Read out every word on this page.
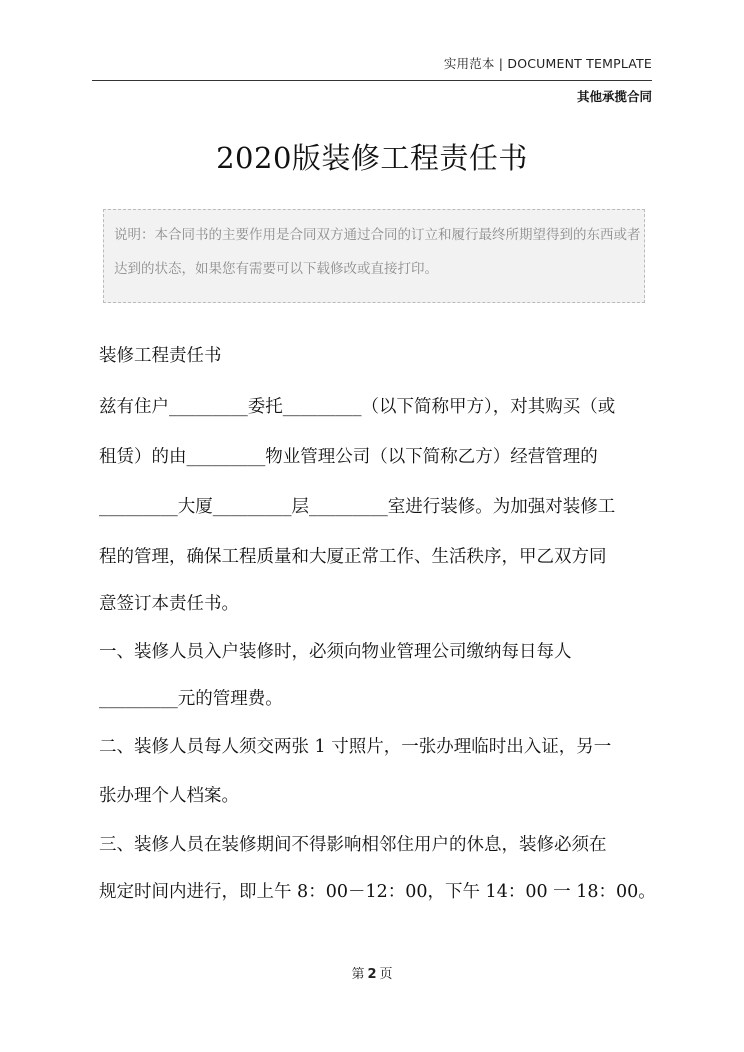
实用范本 | DOCUMENT TEMPLATE
其他承揽合同
2020版装修工程责任书
说明：本合同书的主要作用是合同双方通过合同的订立和履行最终所期望得到的东西或者达到的状态，如果您有需要可以下载修改或直接打印。
装修工程责任书
兹有住户_________委托_________（以下简称甲方），对其购买（或
租赁）的由_________物业管理公司（以下简称乙方）经营管理的
_________大厦_________层_________室进行装修。为加强对装修工
程的管理，确保工程质量和大厦正常工作、生活秩序，甲乙双方同
意签订本责任书。
一、装修人员入户装修时，必须向物业管理公司缴纳每日每人
_________元的管理费。
二、装修人员每人须交两张 1 寸照片，一张办理临时出入证，另一
张办理个人档案。
三、装修人员在装修期间不得影响相邻住用户的休息，装修必须在
规定时间内进行，即上午 8：00－12：00，下午 14：00 一 18：00。
第 2 页
